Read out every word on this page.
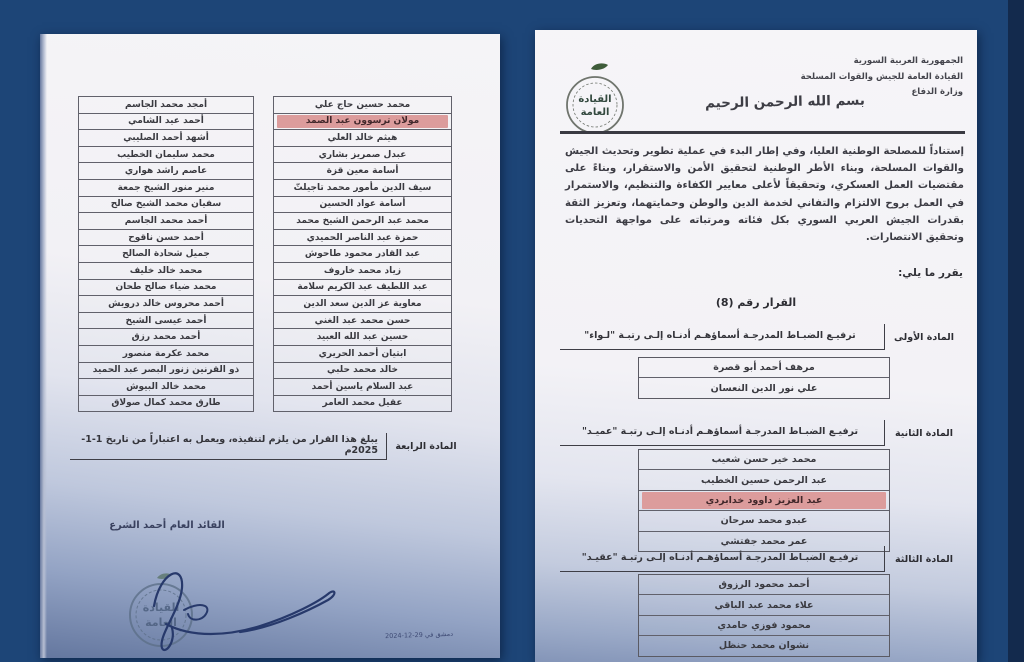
محمد حسين حاج علي
مولان ترسوون عبد الصمد
هيثم خالد العلي
عبدل صمريز بشاري
أسامة معين قزة
سيف الدين مأمور محمد تاجيلتّ
أسامة عواد الحسين
محمد عبد الرحمن الشيخ محمد
حمزة عبد الناصر الحميدي
عبد القادر محمود طاحوش
زياد محمد خاروف
عبد اللطيف عبد الكريم سلامة
معاوية عز الدين سعد الدين
حسن محمد عبد الغني
حسين عبد الله العبيد
ابتيان أحمد الحريري
خالد محمد حلبي
عبد السلام ياسين أحمد
عقيل محمد العامر
أمجد محمد الجاسم
أحمد عيد الشامي
أشهد أحمد الصليبي
محمد سليمان الخطيب
عاصم راشد هواري
منير منور الشيخ جمعة
سفيان محمد الشيخ صالح
أحمد محمد الجاسم
أحمد حسن ناقوح
جميل شحادة الصالح
محمد خالد خليف
محمد ضياء صالح طحان
أحمد محروس خالد درويش
أحمد عيسى الشيخ
أحمد محمد رزق
محمد عكرمة منصور
ذو القرنين زنور البصر عبد الحميد
محمد خالد البيوش
طارق محمد كمال صولاق
المادة الرابعة
يبلغ هذا القرار من يلزم لتنفيذه، ويعمل به اعتباراً من تاريخ 1-1-2025م
القائد العام أحمد الشرع
القيادة
العامة
دمشق في 29-12-2024
الجمهورية العربية السورية
القيادة العامة للجيش والقوات المسلحة
وزارة الدفاع
القيادة
العامة
بسم الله الرحمن الرحيم
إستناداً للمصلحة الوطنية العليا، وفي إطار البدء في عملية تطوير وتحديث الجيش والقوات المسلحة، وبناء الأطر الوطنية لتحقيق الأمن والاستقرار، وبناءً على مقتضيات العمل العسكري، وتحقيقاً لأعلى معايير الكفاءة والتنظيم، والاستمرار في العمل بروح الالتزام والتفاني لخدمة الدين والوطن وحمايتهما، وتعزيز الثقة بقدرات الجيش العربي السوري بكل فئاته ومرتباته على مواجهة التحديات وتحقيق الانتصارات.
يقرر ما يلي:
القرار رقم (8)
المادة الأولى
ترفيـع الضبـاط المدرجـة أسماؤهـم أدنـاه إلـى رتبـة "لـواء"
مرهف أحمد أبو قصرة
علي نور الدين النعسان
المادة الثانية
ترفيـع الضبـاط المدرجـة أسماؤهـم أدنـاه إلـى رتبـة "عميـد"
محمد خير حسن شعيب
عبد الرحمن حسين الخطيب
عبد العزيز داوود خدابردي
عبدو محمد سرحان
عمر محمد جفتشي
المادة الثالثة
ترفيـع الضبـاط المدرجـة أسماؤهـم أدنـاه إلـى رتبـة "عقيـد"
أحمد محمود الرزوق
علاء محمد عبد الباقي
محمود فوزي حامدي
نشوان محمد حنظل
